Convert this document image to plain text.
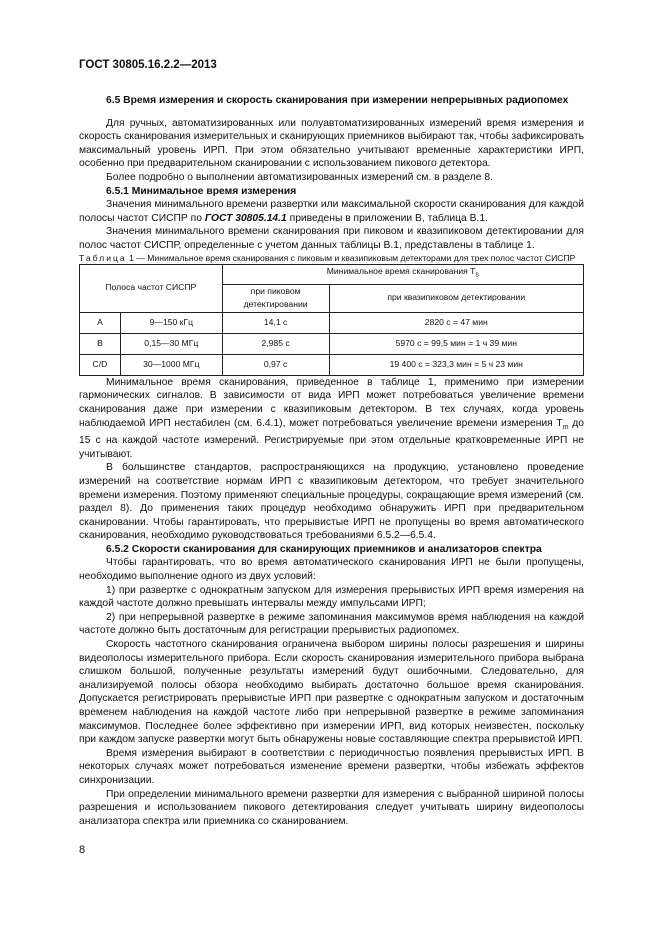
ГОСТ 30805.16.2.2—2013

6.5 Время измерения и скорость сканирования при измерении непрерывных радиопомех

Для ручных, автоматизированных или полуавтоматизированных измерений время измерения и скорость сканирования измерительных и сканирующих приемников выбирают так, чтобы зафиксировать максимальный уровень ИРП. При этом обязательно учитывают временные характеристики ИРП, особенно при предварительном сканировании с использованием пикового детектора.

Более подробно о выполнении автоматизированных измерений см. в разделе 8.

6.5.1 Минимальное время измерения

Значения минимального времени развертки или максимальной скорости сканирования для каждой полосы частот СИСПР по ГОСТ 30805.14.1 приведены в приложении В, таблица В.1.

Значения минимального времени сканирования при пиковом и квазипиковом детектировании для полос частот СИСПР, определенные с учетом данных таблицы В.1, представлены в таблице 1.

Таблица 1 — Минимальное время сканирования с пиковым и квазипиковым детекторами для трех полос частот СИСПР

Полоса частот СИСПР		Минимальное время сканирования $T_s$
		при пиковом детектировании	при квазипиковом детектировании
A	9—150 кГц	14,1 с	2820 с = 47 мин
B	0,15—30 МГц	2,985 с	5970 с = 99,5 мин = 1 ч 39 мин
C/D	30—1000 МГц	0,97 с	19 400 с = 323,3 мин = 5 ч 23 мин

Минимальное время сканирования, приведенное в таблице 1, применимо при измерении гармонических сигналов. В зависимости от вида ИРП может потребоваться увеличение времени сканирования даже при измерении с квазипиковым детектором. В тех случаях, когда уровень наблюдаемой ИРП нестабилен (см. 6.4.1), может потребоваться увеличение времени измерения $T_m$ до 15 с на каждой частоте измерений. Регистрируемые при этом отдельные кратковременные ИРП не учитывают.

В большинстве стандартов, распространяющихся на продукцию, установлено проведение измерений на соответствие нормам ИРП с квазипиковым детектором, что требует значительного времени измерения. Поэтому применяют специальные процедуры, сокращающие время измерений (см. раздел 8). До применения таких процедур необходимо обнаружить ИРП при предварительном сканировании. Чтобы гарантировать, что прерывистые ИРП не пропущены во время автоматического сканирования, необходимо руководствоваться требованиями 6.5.2—6.5.4.

6.5.2 Скорости сканирования для сканирующих приемников и анализаторов спектра

Чтобы гарантировать, что во время автоматического сканирования ИРП не были пропущены, необходимо выполнение одного из двух условий:

1) при развертке с однократным запуском для измерения прерывистых ИРП время измерения на каждой частоте должно превышать интервалы между импульсами ИРП;

2) при непрерывной развертке в режиме запоминания максимумов время наблюдения на каждой частоте должно быть достаточным для регистрации прерывистых радиопомех.

Скорость частотного сканирования ограничена выбором ширины полосы разрешения и ширины видеополосы измерительного прибора. Если скорость сканирования измерительного прибора выбрана слишком большой, полученные результаты измерений будут ошибочными. Следовательно, для анализируемой полосы обзора необходимо выбирать достаточно большое время сканирования. Допускается регистрировать прерывистые ИРП при развертке с однократным запуском и достаточным временем наблюдения на каждой частоте либо при непрерывной развертке в режиме запоминания максимумов. Последнее более эффективно при измерении ИРП, вид которых неизвестен, поскольку при каждом запуске развертки могут быть обнаружены новые составляющие спектра прерывистой ИРП.

Время измерения выбирают в соответствии с периодичностью появления прерывистых ИРП. В некоторых случаях может потребоваться изменение времени развертки, чтобы избежать эффектов синхронизации.

При определении минимального времени развертки для измерения с выбранной шириной полосы разрешения и использованием пикового детектирования следует учитывать ширину видеополосы анализатора спектра или приемника со сканированием.

8
